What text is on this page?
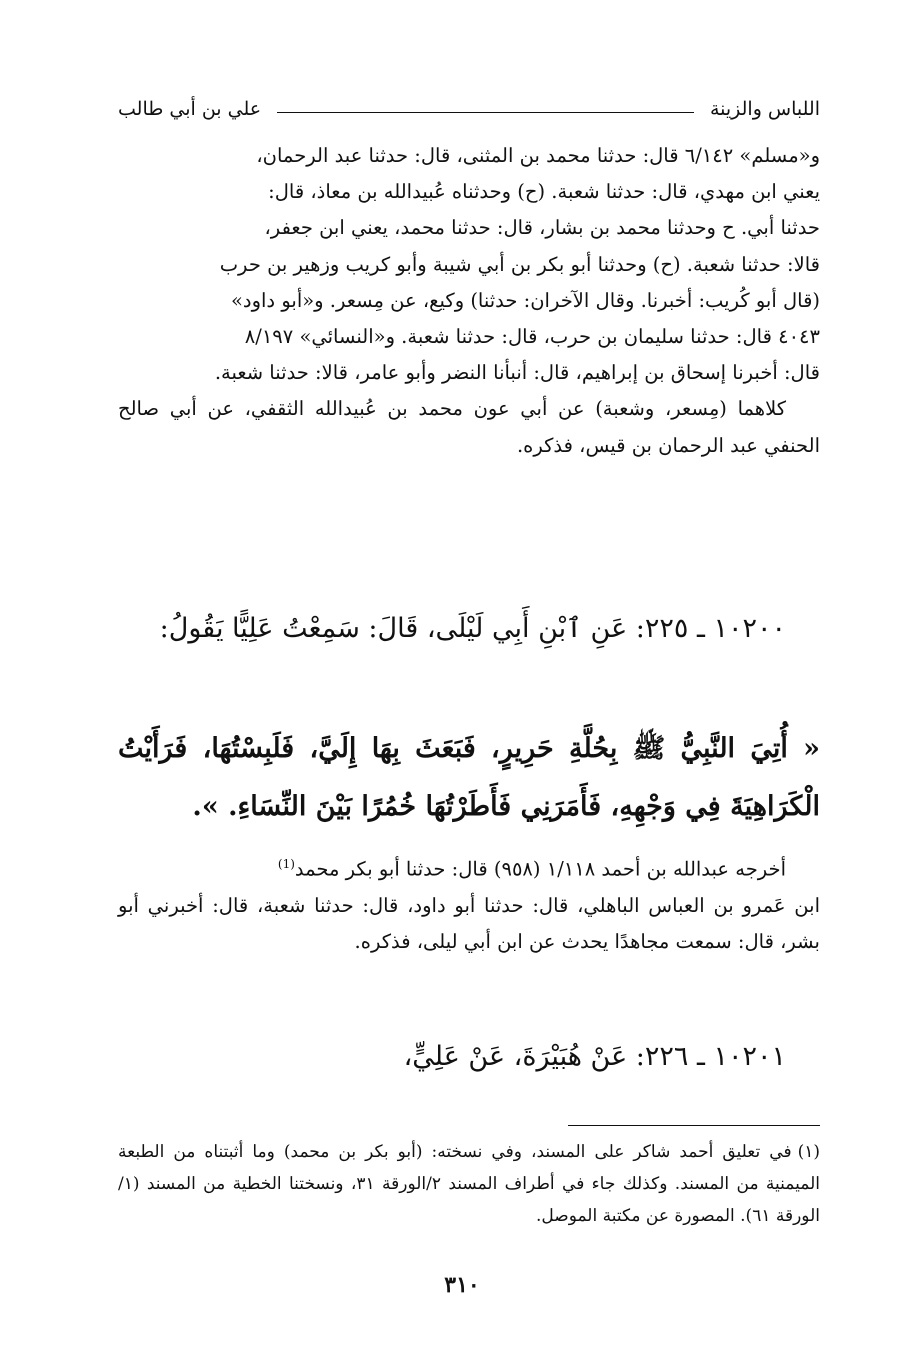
اللباس والزينة
علي بن أبي طالب

و«مسلم» ٦/١٤٢ قال: حدثنا محمد بن المثنى، قال: حدثنا عبد الرحمان،

يعني ابن مهدي، قال: حدثنا شعبة. (ح) وحدثناه عُبيدالله بن معاذ، قال:

حدثنا أبي. ح وحدثنا محمد بن بشار، قال: حدثنا محمد، يعني ابن جعفر،

قالا: حدثنا شعبة. (ح) وحدثنا أبو بكر بن أبي شيبة وأبو كريب وزهير بن حرب

(قال أبو كُريب: أخبرنا. وقال الآخران: حدثنا) وكيع، عن مِسعر. و«أبو داود»

٤٠٤٣ قال: حدثنا سليمان بن حرب، قال: حدثنا شعبة. و«النسائي» ٨/١٩٧

قال: أخبرنا إسحاق بن إبراهيم، قال: أنبأنا النضر وأبو عامر، قالا: حدثنا شعبة.

كلاهما (مِسعر، وشعبة) عن أبي عون محمد بن عُبيدالله الثقفي، عن أبي صالح الحنفي عبد الرحمان بن قيس، فذكره.

١٠٢٠٠ ـ ٢٢٥: عَنِ ٱبْنِ أَبِي لَيْلَى، قَالَ: سَمِعْتُ عَلِيًّا يَقُولُ:
« أُتِيَ النَّبِيُّ ﷺ بِحُلَّةِ حَرِيرٍ، فَبَعَثَ بِهَا إِلَيَّ، فَلَبِسْتُهَا، فَرَأَيْتُ الْكَرَاهِيَةَ فِي وَجْهِهِ، فَأَمَرَنِي فَأَطَرْتُهَا خُمُرًا بَيْنَ النِّسَاءِ. ».

أخرجه عبدالله بن أحمد ١/١١٨ (٩٥٨) قال: حدثنا أبو بكر محمد$^{(1)}$

ابن عَمرو بن العباس الباهلي، قال: حدثنا أبو داود، قال: حدثنا شعبة، قال: أخبرني أبو بشر، قال: سمعت مجاهدًا يحدث عن ابن أبي ليلى، فذكره.

١٠٢٠١ ـ ٢٢٦: عَنْ هُبَيْرَةَ، عَنْ عَلِيٍّ،
(١)في تعليق أحمد شاكر على المسند، وفي نسخته: (أبو بكر بن محمد) وما أثبتناه من الطبعة الميمنية من المسند. وكذلك جاء في أطراف المسند ٢/الورقة ٣١، ونسختنا الخطية من المسند (١/ الورقة ٦١). المصورة عن مكتبة الموصل.
٣١٠
